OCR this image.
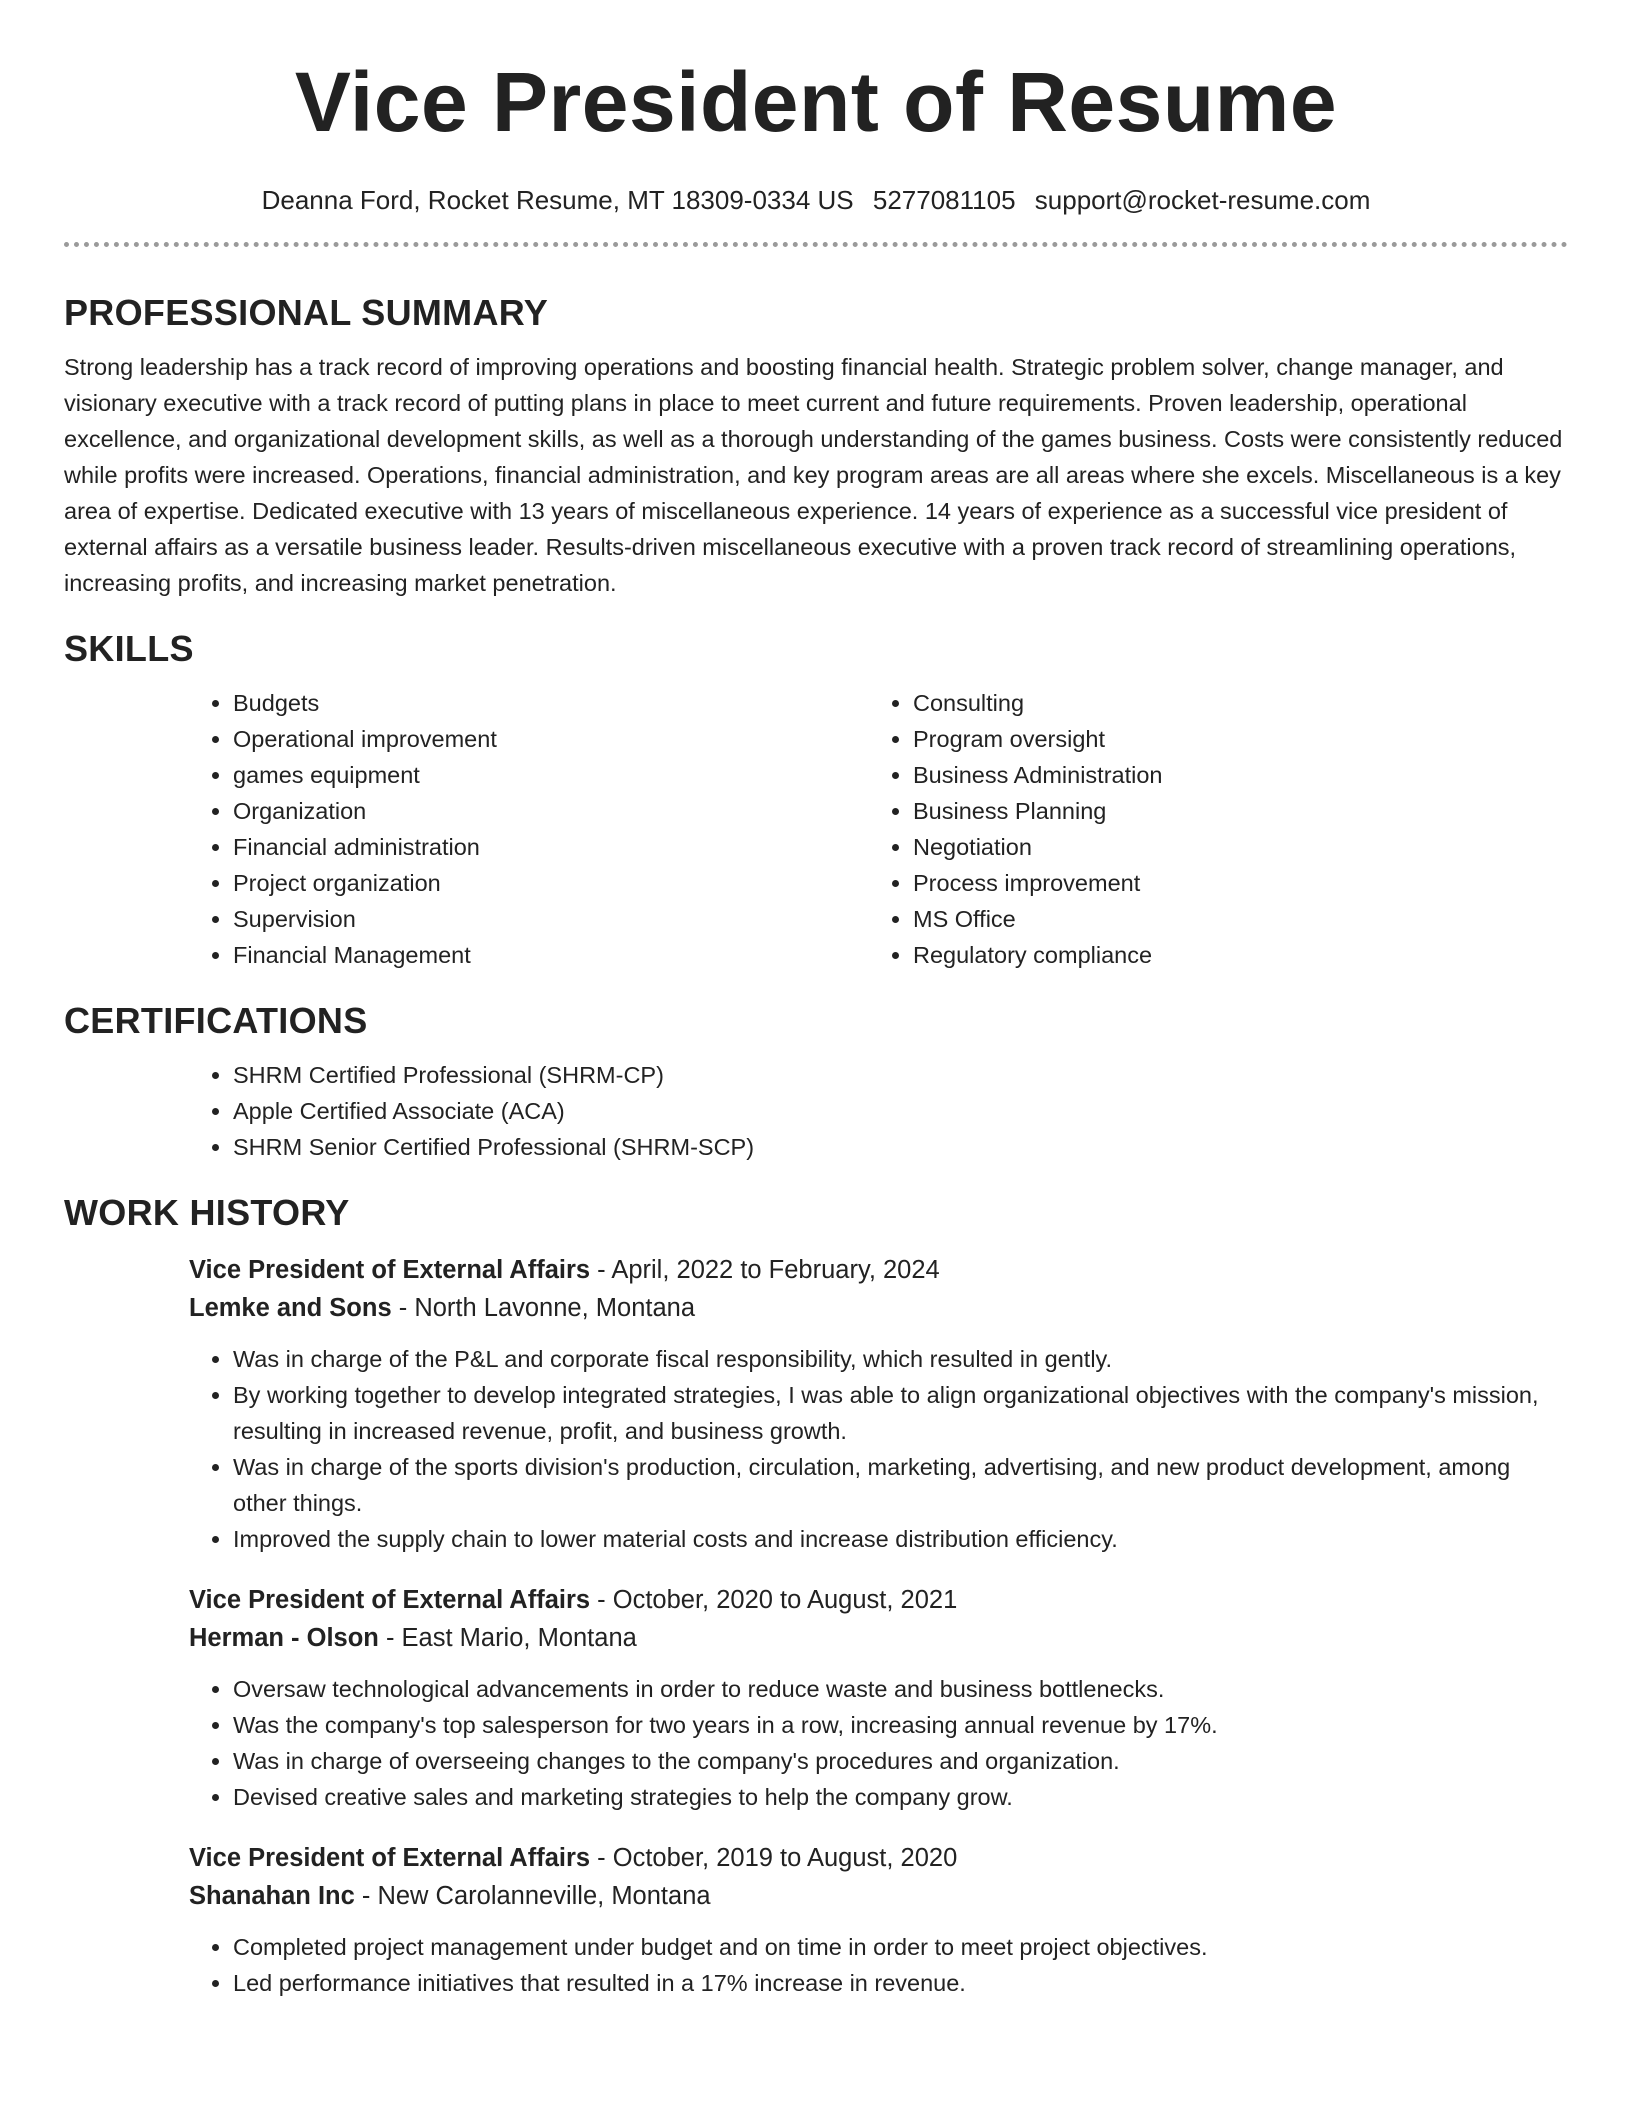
Vice President of Resume
Deanna Ford, Rocket Resume, MT 18309-0334 US 5277081105 support@rocket-resume.com
PROFESSIONAL SUMMARY

Strong leadership has a track record of improving operations and boosting financial health. Strategic problem solver, change manager, and visionary executive with a track record of putting plans in place to meet current and future requirements. Proven leadership, operational excellence, and organizational development skills, as well as a thorough understanding of the games business. Costs were consistently reduced while profits were increased. Operations, financial administration, and key program areas are all areas where she excels. Miscellaneous is a key area of expertise. Dedicated executive with 13 years of miscellaneous experience. 14 years of experience as a successful vice president of external affairs as a versatile business leader. Results-driven miscellaneous executive with a proven track record of streamlining operations, increasing profits, and increasing market penetration.

SKILLS
• Budgets
• Operational improvement
• games equipment
• Organization
• Financial administration
• Project organization
• Supervision
• Financial Management
• Consulting
• Program oversight
• Business Administration
• Business Planning
• Negotiation
• Process improvement
• MS Office
• Regulatory compliance
CERTIFICATIONS
• SHRM Certified Professional (SHRM-CP)
• Apple Certified Associate (ACA)
• SHRM Senior Certified Professional (SHRM-SCP)
WORK HISTORY
Vice President of External Affairs - April, 2022 to February, 2024
Lemke and Sons - North Lavonne, Montana
• Was in charge of the P&L and corporate fiscal responsibility, which resulted in gently.
• By working together to develop integrated strategies, I was able to align organizational objectives with the company's mission, resulting in increased revenue, profit, and business growth.
• Was in charge of the sports division's production, circulation, marketing, advertising, and new product development, among other things.
• Improved the supply chain to lower material costs and increase distribution efficiency.
Vice President of External Affairs - October, 2020 to August, 2021
Herman - Olson - East Mario, Montana
• Oversaw technological advancements in order to reduce waste and business bottlenecks.
• Was the company's top salesperson for two years in a row, increasing annual revenue by 17%.
• Was in charge of overseeing changes to the company's procedures and organization.
• Devised creative sales and marketing strategies to help the company grow.
Vice President of External Affairs - October, 2019 to August, 2020
Shanahan Inc - New Carolanneville, Montana
• Completed project management under budget and on time in order to meet project objectives.
• Led performance initiatives that resulted in a 17% increase in revenue.
